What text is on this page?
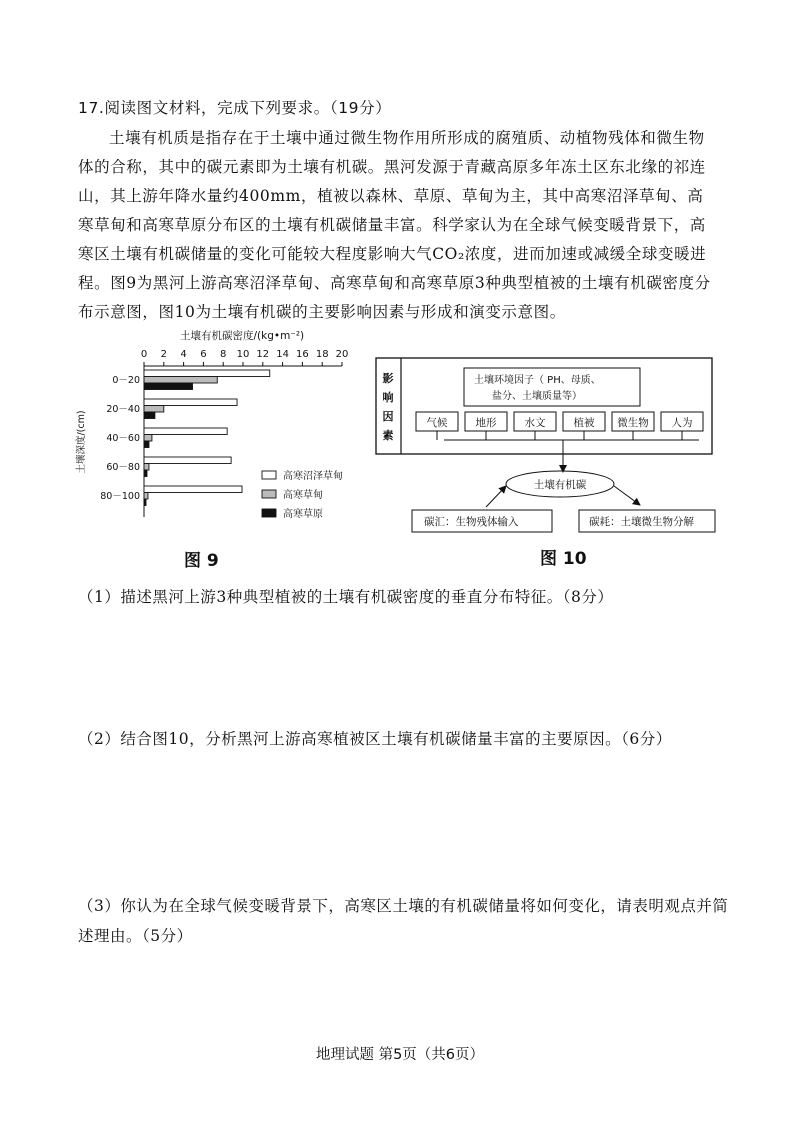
17.阅读图文材料，完成下列要求。（19分）
土壤有机质是指存在于土壤中通过微生物作用所形成的腐殖质、动植物残体和微生物体的合称，其中的碳元素即为土壤有机碳。黑河发源于青藏高原多年冻土区东北缘的祁连山，其上游年降水量约400mm，植被以森林、草原、草甸为主，其中高寒沼泽草甸、高寒草甸和高寒草原分布区的土壤有机碳储量丰富。科学家认为在全球气候变暖背景下，高寒区土壤有机碳储量的变化可能较大程度影响大气CO₂浓度，进而加速或减缓全球变暖进程。图9为黑河上游高寒沼泽草甸、高寒草甸和高寒草原3种典型植被的土壤有机碳密度分布示意图，图10为土壤有机碳的主要影响因素与形成和演变示意图。
土壤有机碳密度/(kg•m⁻²)
0 2 4 6 8 10 12 14 16 18 20
土壤深度/(cm)
0－20
20－40
40－60
60－80
80－100
高寒沼泽草甸
高寒草甸
高寒草原
影
响
因
素
土壤环境因子（ PH、母质、
盐分、土壤质量等）
气候	地形	水文	植被 微生物 人为
土壤有机碳
碳汇：生物残体输入	碳耗：土壤微生物分解
图 9	图 10
（1）描述黑河上游3种典型植被的土壤有机碳密度的垂直分布特征。（8分）
（2）结合图10，分析黑河上游高寒植被区土壤有机碳储量丰富的主要原因。（6分）
（3）你认为在全球气候变暖背景下，高寒区土壤的有机碳储量将如何变化，请表明观点并简述理由。（5分）
地理试题 第5页（共6页）
